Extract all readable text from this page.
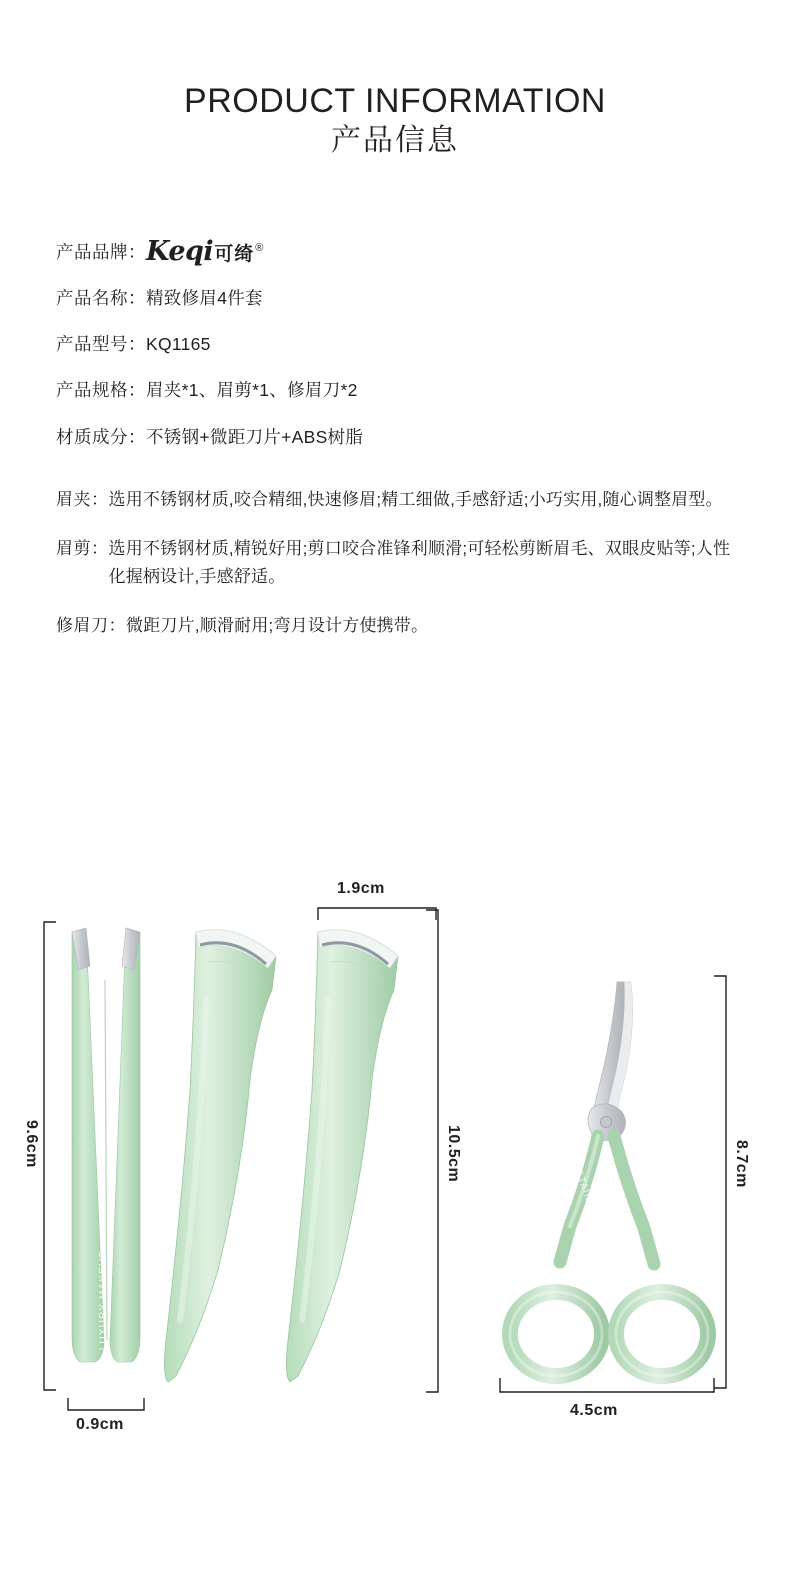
PRODUCT INFORMATION
产品信息
产品品牌： Keqi 可绮 ®
产品名称： 精致修眉4件套
产品型号： KQ1165
产品规格： 眉夹*1、眉剪*1、修眉刀*2
材质成分： 不锈钢+微距刀片+ABS树脂
眉夹： 选用不锈钢材质,咬合精细,快速修眉;精工细做,手感舒适;小巧实用,随心调整眉型。
眉剪： 选用不锈钢材质,精锐好用;剪口咬合准锋利顺滑;可轻松剪断眉毛、双眼皮贴等;人性化握柄设计,手感舒适。
修眉刀： 微距刀片,顺滑耐用;弯月设计方使携带。
LUXURY MAKEUP
STAINLESS
9.6cm
0.9cm
1.9cm
10.5cm	8.7cm
4.5cm
